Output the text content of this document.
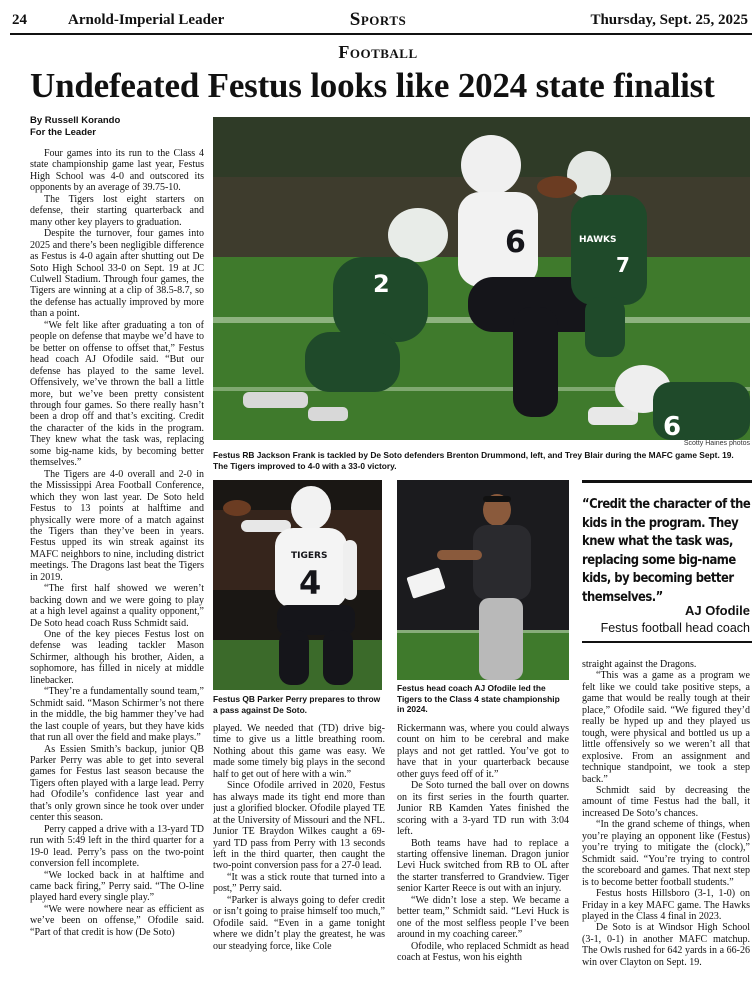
24	Arnold-Imperial Leader	Sports	Thursday, Sept. 25, 2025
Football
Undefeated Festus looks like 2024 state finalist
By Russell Korando
For the Leader

Four games into its run to the Class 4 state championship game last year, Festus High School was 4-0 and outscored its opponents by an average of 39.75-10.

The Tigers lost eight starters on defense, their starting quarterback and many other key players to graduation.

Despite the turnover, four games into 2025 and there’s been negligible difference as Festus is 4-0 again after shutting out De Soto High School 33-0 on Sept. 19 at JC Culwell Stadium. Through four games, the Tigers are winning at a clip of 38.5-8.7, so the defense has actually improved by more than a point.

“We felt like after graduating a ton of people on defense that maybe we’d have to be better on offense to offset that,” Festus head coach AJ Ofodile said. “But our defense has played to the same level. Offensively, we’ve thrown the ball a little more, but we’ve been pretty consistent through four games. So there really hasn’t been a drop off and that’s exciting. Credit the character of the kids in the program. They knew what the task was, replacing some big-name kids, by becoming better themselves.”

The Tigers are 4-0 overall and 2-0 in the Mississippi Area Football Conference, which they won last year. De Soto held Festus to 13 points at halftime and physically were more of a match against the Tigers than they’ve been in years. Festus upped its win streak against its MAFC neighbors to nine, including district meetings. The Dragons last beat the Tigers in 2019.

“The first half showed we weren’t backing down and we were going to play at a high level against a quality opponent,” De Soto head coach Russ Schmidt said.

One of the key pieces Festus lost on defense was leading tackler Mason Schirmer, although his brother, Aiden, a sophomore, has filled in nicely at middle linebacker.

“They’re a fundamentally sound team,” Schmidt said. “Mason Schirmer’s not there in the middle, the big hammer they’ve had the last couple of years, but they have kids that run all over the field and make plays.”

As Essien Smith’s backup, junior QB Parker Perry was able to get into several games for Festus last season because the Tigers often played with a large lead. Perry had Ofodile’s confidence last year and that’s only grown since he took over under center this season.

Perry capped a drive with a 13-yard TD run with 5:49 left in the third quarter for a 19-0 lead. Perry’s pass on the two-point conversion fell incomplete.

“We locked back in at halftime and came back firing,” Perry said. “The O-line played hard every single play.”

“We were nowhere near as efficient as we’ve been on offense,” Ofodile said. “Part of that credit is how (De Soto)

2
6	HAWKS
7
6
Scotty Haines photos
Festus RB Jackson Frank is tackled by De Soto defenders Brenton Drummond, left, and Trey Blair during the MAFC game Sept. 19. The Tigers improved to 4-0 with a 33-0 victory.
TIGERS
4
Festus QB Parker Perry prepares to throw a pass against De Soto.
Festus head coach AJ Ofodile led the Tigers to the Class 4 state championship in 2024.
“Credit the character of the kids in the program. They knew what the task was, replacing some big-name kids, by becoming better themselves.”
AJ Ofodile
Festus football head coach

played. We needed that (TD) drive big-time to give us a little breathing room. Nothing about this game was easy. We made some timely big plays in the second half to get out of here with a win.”

Since Ofodile arrived in 2020, Festus has always made its tight end more than just a glorified blocker. Ofodile played TE at the University of Missouri and the NFL. Junior TE Braydon Wilkes caught a 69-yard TD pass from Perry with 13 seconds left in the third quarter, then caught the two-point conversion pass for a 27-0 lead.

“It was a stick route that turned into a post,” Perry said.

“Parker is always going to defer credit or isn’t going to praise himself too much,” Ofodile said. “Even in a game tonight where we didn’t play the greatest, he was our steadying force, like Cole

Rickermann was, where you could always count on him to be cerebral and make plays and not get rattled. You’ve got to have that in your quarterback because other guys feed off of it.”

De Soto turned the ball over on downs on its first series in the fourth quarter. Junior RB Kamden Yates finished the scoring with a 3-yard TD run with 3:04 left.

Both teams have had to replace a starting offensive lineman. Dragon junior Levi Huck switched from RB to OL after the starter transferred to Grandview. Tiger senior Karter Reece is out with an injury.

“We didn’t lose a step. We became a better team,” Schmidt said. “Levi Huck is one of the most selfless people I’ve been around in my coaching career.”

Ofodile, who replaced Schmidt as head coach at Festus, won his eighth

straight against the Dragons.

“This was a game as a program we felt like we could take positive steps, a game that would be really tough at their place,” Ofodile said. “We figured they’d really be hyped up and they played us tough, were physical and bottled us up a little offensively so we weren’t all that explosive. From an assignment and technique standpoint, we took a step back.”

Schmidt said by decreasing the amount of time Festus had the ball, it increased De Soto’s chances.

“In the grand scheme of things, when you’re playing an opponent like (Festus) you’re trying to mitigate the (clock),” Schmidt said. “You’re trying to control the scoreboard and games. That next step is to become better football students.”

Festus hosts Hillsboro (3-1, 1-0) on Friday in a key MAFC game. The Hawks played in the Class 4 final in 2023.

De Soto is at Windsor High School (3-1, 0-1) in another MAFC matchup. The Owls rushed for 642 yards in a 66-26 win over Clayton on Sept. 19.
